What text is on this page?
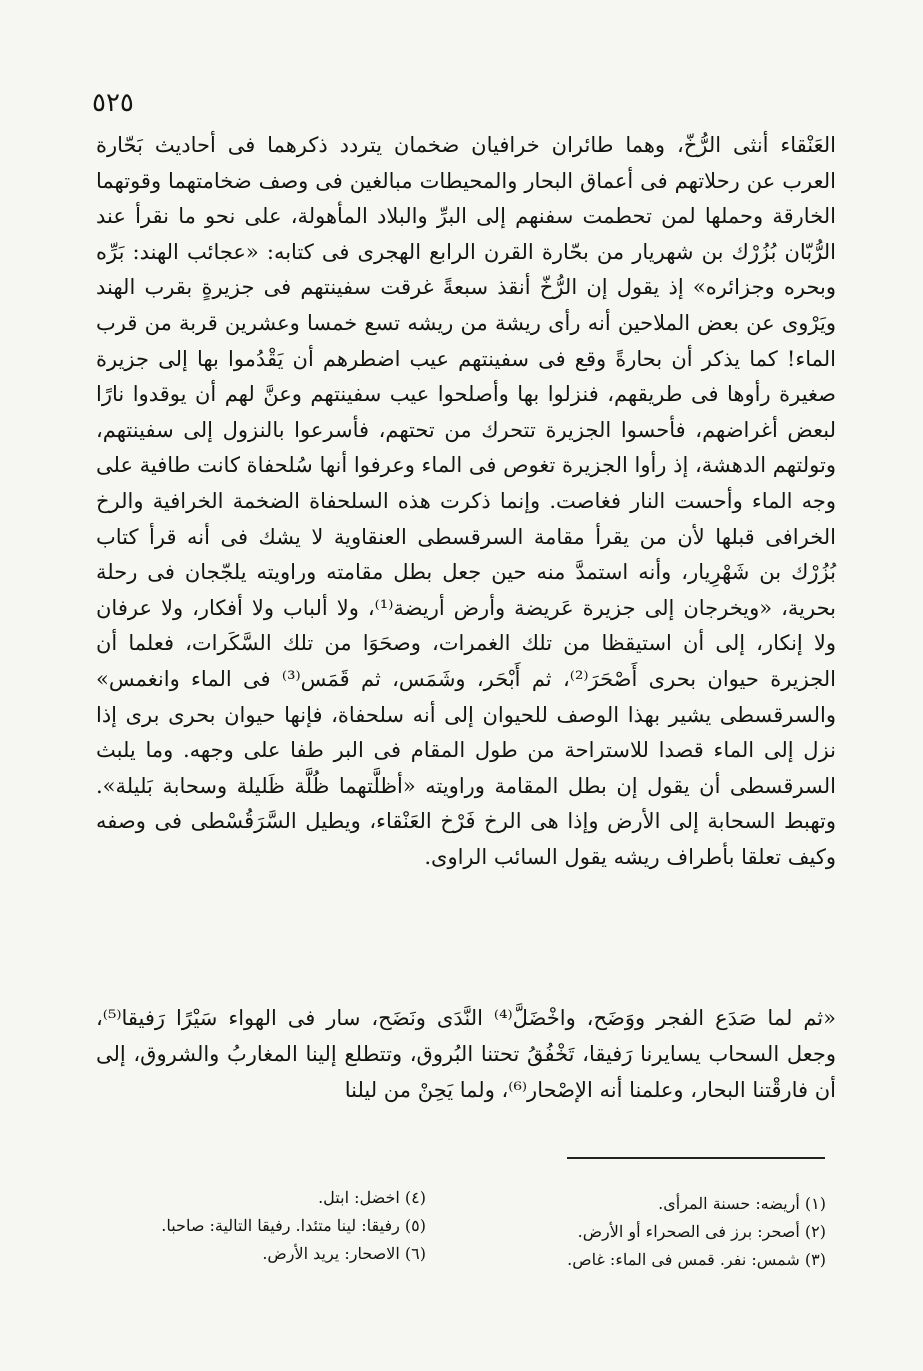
٥٢٥

العَنْقاء أنثى الرُّخّ، وهما طائران خرافيان ضخمان يتردد ذكرهما فى أحاديث بَحّارة العرب عن رحلاتهم فى أعماق البحار والمحيطات مبالغين فى وصف ضخامتهما وقوتهما الخارقة وحملها لمن تحطمت سفنهم إلى البرِّ والبلاد المأهولة، على نحو ما نقرأ عند الرُّبّان بُزُرْك بن شهريار من بحّارة القرن الرابع الهجرى فى كتابه: «عجائب الهند: بَرِّه وبحره وجزائره» إذ يقول إن الرُّخّ أنقذ سبعةً غرقت سفينتهم فى جزيرةٍ بقرب الهند ويَرْوى عن بعض الملاحين أنه رأى ريشة من ريشه تسع خمسا وعشرين قربة من قرب الماء! كما يذكر أن بحارةً وقع فى سفينتهم عيب اضطرهم أن يَقْدُموا بها إلى جزيرة صغيرة رأوها فى طريقهم، فنزلوا بها وأصلحوا عيب سفينتهم وعنَّ لهم أن يوقدوا نارًا لبعض أغراضهم، فأحسوا الجزيرة تتحرك من تحتهم، فأسرعوا بالنزول إلى سفينتهم، وتولتهم الدهشة، إذ رأوا الجزيرة تغوص فى الماء وعرفوا أنها سُلحفاة كانت طافية على وجه الماء وأحست النار فغاصت. وإنما ذكرت هذه السلحفاة الضخمة الخرافية والرخ الخرافى قبلها لأن من يقرأ مقامة السرقسطى العنقاوية لا يشك فى أنه قرأ كتاب بُزُرْك بن شَهْرِيار، وأنه استمدَّ منه حين جعل بطل مقامته وراويته يلجّجان فى رحلة بحرية، «ويخرجان إلى جزيرة عَريضة وأرض أريضة⁽¹⁾، ولا ألباب ولا أفكار، ولا عرفان ولا إنكار، إلى أن استيقظا من تلك الغمرات، وصحَوَا من تلك السَّكَرات، فعلما أن الجزيرة حيوان بحرى أَصْحَرَ⁽²⁾، ثم أَبْحَر، وشَمَس، ثم قَمَس⁽³⁾ فى الماء وانغمس» والسرقسطى يشير بهذا الوصف للحيوان إلى أنه سلحفاة، فإنها حيوان بحرى برى إذا نزل إلى الماء قصدا للاستراحة من طول المقام فى البر طفا على وجهه. وما يلبث السرقسطى أن يقول إن بطل المقامة وراويته «أظلَّتهما ظُلَّة ظَليلة وسحابة بَليلة». وتهبط السحابة إلى الأرض وإذا هى الرخ فَرْخ العَنْقاء، ويطيل السَّرَقُسْطى فى وصفه وكيف تعلقا بأطراف ريشه يقول السائب الراوى.

«ثم لما صَدَع الفجر ووَضَح، واخْضَلَّ⁽⁴⁾ النَّدَى ونَضَح، سار فى الهواء سَيْرًا رَفيقا⁽⁵⁾، وجعل السحاب يسايرنا رَفيقا، تَخْفُقُ تحتنا البُروق، وتتطلع إلينا المغاربُ والشروق، إلى أن فارقْتنا البحار، وعلمنا أنه الإصْحار⁽⁶⁾، ولما يَحِنْ من ليلنا

(١) أريضه: حسنة المرأى.
(٢) أصحر: برز فى الصحراء أو الأرض.
(٣) شمس: نفر. قمس فى الماء: غاص.
(٤) اخضل: ابتل.
(٥) رفيقا: لينا متئدا. رفيقا التالية: صاحبا.
(٦) الاصحار: يريد الأرض.
